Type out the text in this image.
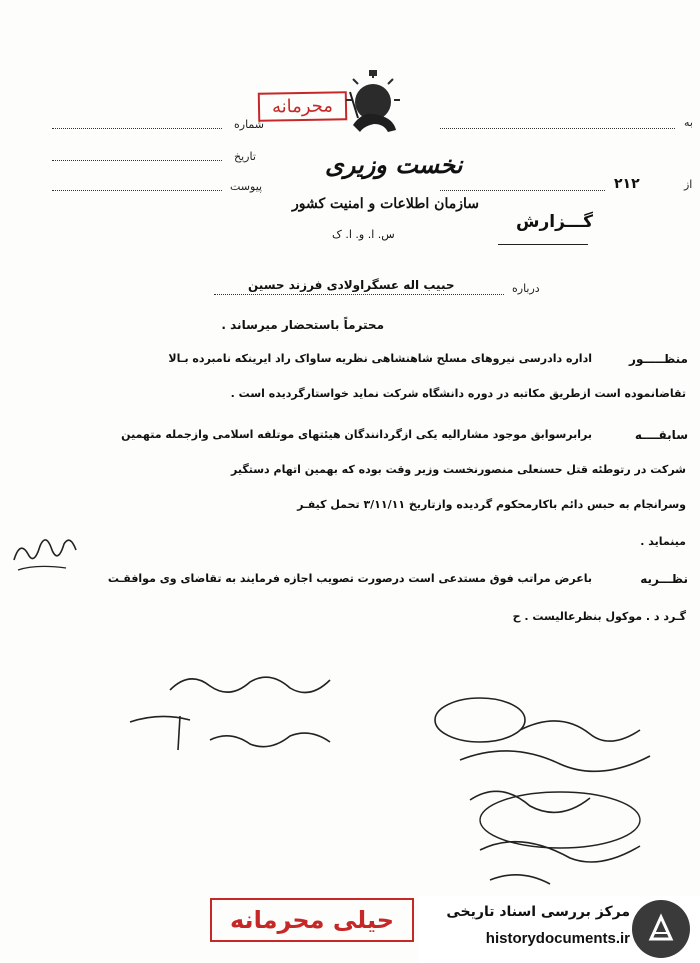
به
از
۲۱۲
شماره
تاریخ
پیوست
محرمانه
نخست وزیری
سازمان اطلاعات و امنیت کشور
س. ا. و. ا. ک
گـــزارش
درباره
حبیب اله عسگراولادی فرزند حسین
محترماً باستحضار میرساند .
منظـــــور
اداره دادرسی نیروهای مسلح شاهنشاهی نظریه ساواک راد ایرینکه نامبرده بـالا
تقاضانموده است ازطریق مکاتبه در دوره دانشگاه شرکت نماید خواستارگردیده است .
سابقــــه
برابرسوابق موجود مشارالیه یکی ازگردانندگان هیئتهای موتلفه اسلامی وازجمله متهمین
شرکت در رتوطئه قتل حسنعلی منصورنخست وزیر وقت بوده که بهمین اتهام دستگیر
وسرانجام به حبس دائم باکارمحکوم گردیده وازتاریخ ۳/۱۱/۱۱ تحمل کیفـر
مینماید .
نظـــریه
باعرض مراتب فوق مستدعی است درصورت تصویب اجازه فرمایند به تقاضای وی موافقـت
گـرد د . موکول بنظرعالیست . ح
حیلی محرمانه	مرکز بررسی اسناد تاریخی
historydocuments.ir
